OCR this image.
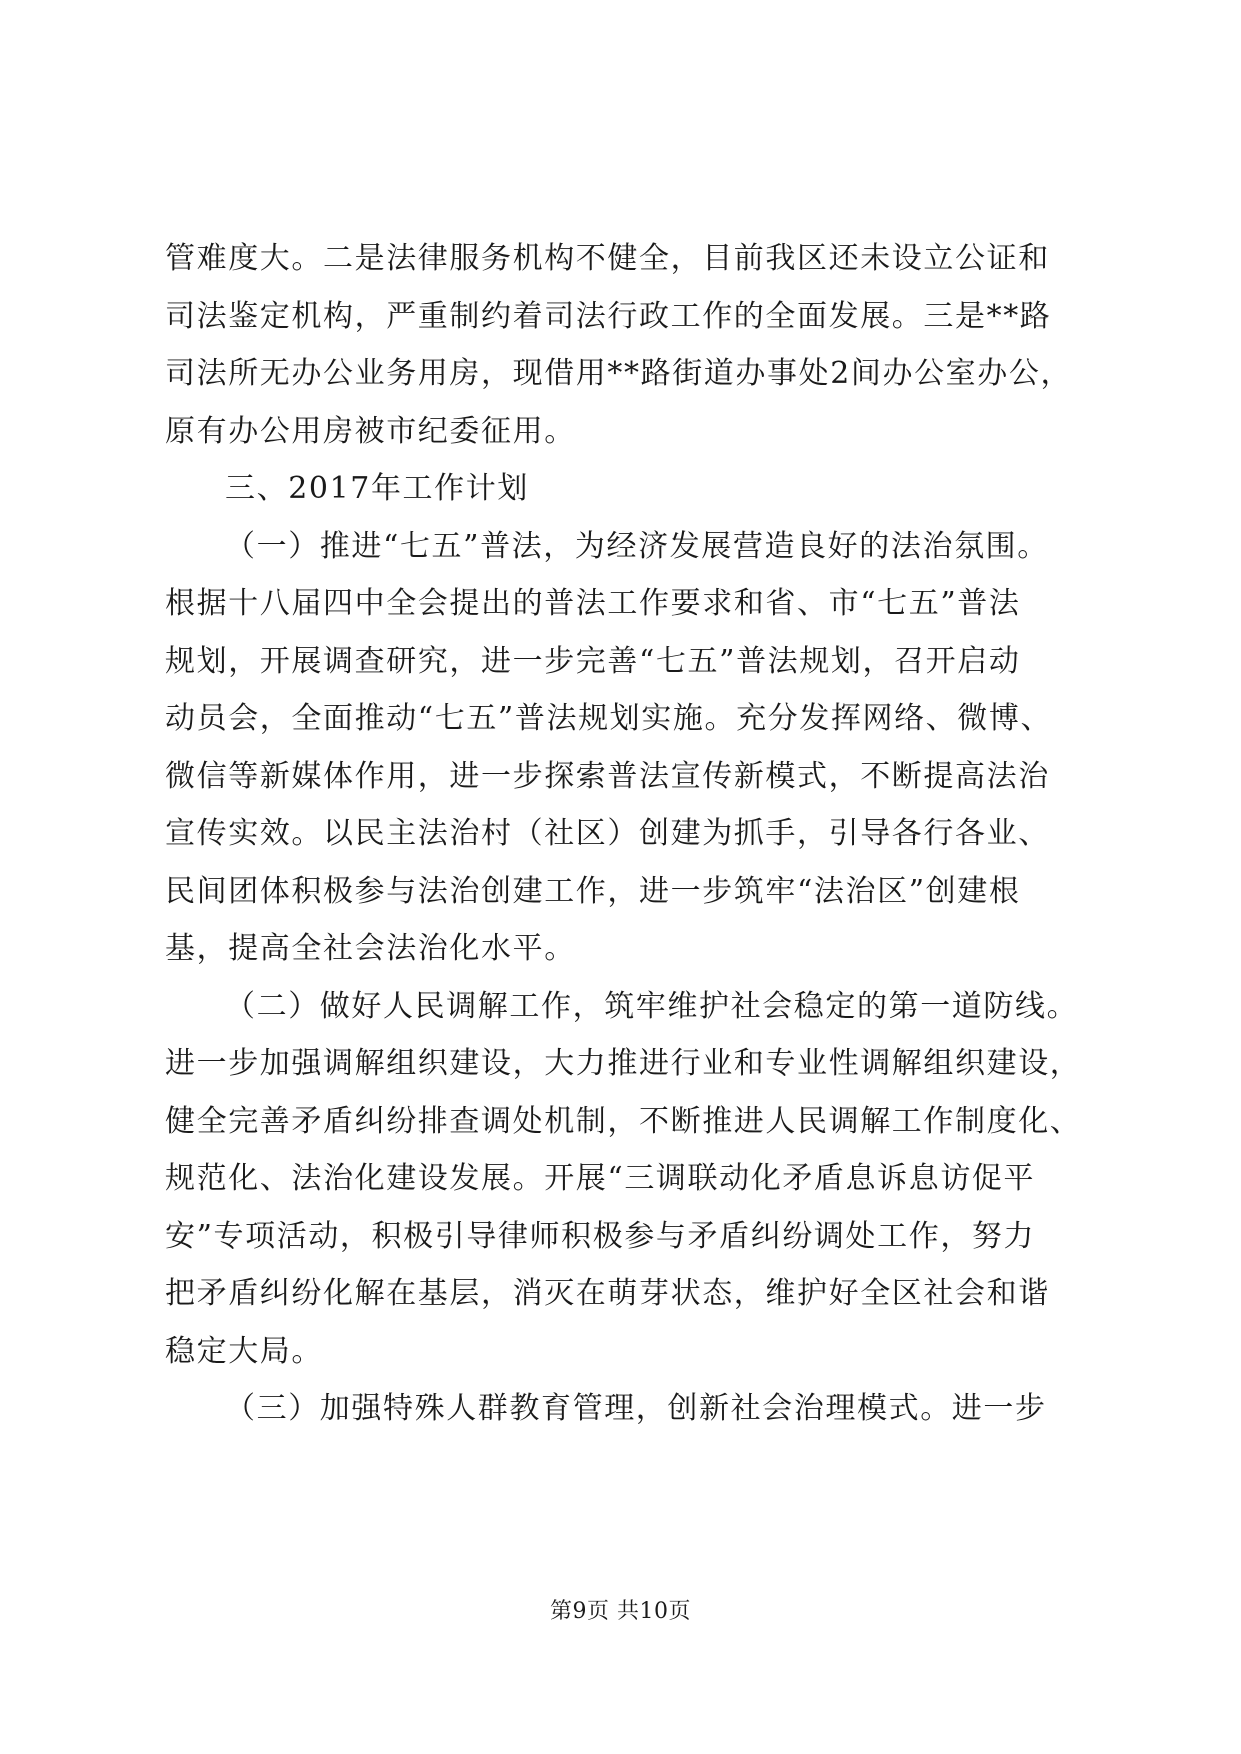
管难度大。二是法律服务机构不健全，目前我区还未设立公证和
司法鉴定机构，严重制约着司法行政工作的全面发展。三是**路
司法所无办公业务用房，现借用**路街道办事处2间办公室办公，
原有办公用房被市纪委征用。
三、2017年工作计划
（一）推进“七五”普法，为经济发展营造良好的法治氛围。
根据十八届四中全会提出的普法工作要求和省、市“七五”普法
规划，开展调查研究，进一步完善“七五”普法规划，召开启动
动员会，全面推动“七五”普法规划实施。充分发挥网络、微博、
微信等新媒体作用，进一步探索普法宣传新模式，不断提高法治
宣传实效。以民主法治村（社区）创建为抓手，引导各行各业、
民间团体积极参与法治创建工作，进一步筑牢“法治区”创建根
基，提高全社会法治化水平。
（二）做好人民调解工作，筑牢维护社会稳定的第一道防线。
进一步加强调解组织建设，大力推进行业和专业性调解组织建设，
健全完善矛盾纠纷排查调处机制，不断推进人民调解工作制度化、
规范化、法治化建设发展。开展“三调联动化矛盾息诉息访促平
安”专项活动，积极引导律师积极参与矛盾纠纷调处工作，努力
把矛盾纠纷化解在基层，消灭在萌芽状态，维护好全区社会和谐
稳定大局。
（三）加强特殊人群教育管理，创新社会治理模式。进一步
第9页 共10页
